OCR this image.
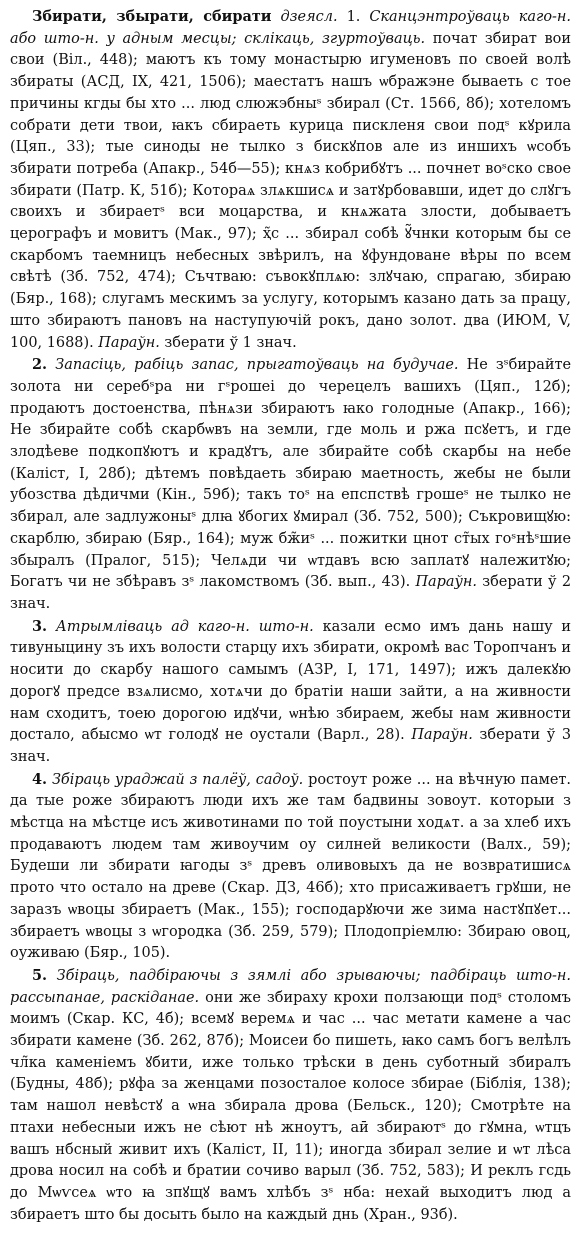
Збирати, збырати, сбирати дзеясл. 1. Сканцэнтроўваць каго-н. або што-н. у адным месцы; склікаць, згуртоўваць. почат збират вои свои (Віл., 448); маютъ къ тому монастырю игуменовъ по своей волѣ збираты (АСД, IX, 421, 1506); маестатъ нашъ ѡбражэне бываеть с тое причины кгды бы хто ... люд слюжэбныˢ збирал (Ст. 1566, 8б); хотеломъ собрати дети твои, ꙗкъ сбираеть курица пискленя свои подˢ кꙋрила (Цяп., 33); тые синоды не тылко з бискꙋпов але из иншихъ ѡсобъ збирати потреба (Апакр., 54б—55); кнѧз кобрибꙋтъ ... почнет воˢско свое збирати (Патр. К, 51б); Котораѧ злѧкшисѧ и затꙋрбовавши, идет до слꙋгъ своихъ и збираетˢ вси моцарства, и кнѧжата злости, добываетъ церографъ и мовитъ (Мак., 97); ҳ̃с ... збирал собѣ ꙋ̃чнки которым бы се скарбомъ таемницъ небесных звѣрилъ, на ꙋфундоване вѣры по всем свѣтѣ (Зб. 752, 474); Съчтваю: съвокꙋплѧю: злꙋчаю, спрагаю, збираю (Бяр., 168); слугамъ мескимъ за услугу, которымъ казано дать за працу, што збираютъ пановъ на наступуючій рокъ, дано золот. два (ИЮМ, V, 100, 1688). Параўн. зберати ў 1 знач.

2. Запасіць, рабіць запас, прыгатоўваць на будучае. Не зˢбирайте золота ни серебˢра ни гˢрошеі до черецелъ вашихъ (Цяп., 12б); продаютъ достоенства, пѣнѧзи збираютъ ꙗко голодные (Апакр., 166); Не збирайте собѣ скарбѡвъ на земли, где моль и ржа псꙋетъ, и где злодѣеве подкопꙋютъ и крадꙋтъ, але збирайте собѣ скарбы на небе (Каліст, I, 28б); дѣтемъ повѣдаеть збираю маетность, жебы не были убозства дѣдичми (Кін., 59б); такъ тоˢ на епспствѣ грошеˢ не тылко не збирал, але задлужоныˢ длꙗ ꙋбогих ꙋмирал (Зб. 752, 500); Съкровищꙋю: скарблю, збираю (Бяр., 164); муж бж̃иˢ ... пожитки цнот ст̃ых гоˢнѣˢшие збыралъ (Пралог, 515); Челѧди чи ѡтдавъ всю заплатꙋ належитꙋю; Богатъ чи не збѣравъ зˢ лакомствомъ (Зб. вып., 43). Параўн. зберати ў 2 знач.

3. Атрымліваць ад каго-н. што-н. казали есмо имъ дань нашу и тивуныцину зъ ихъ волости старцу ихъ збирати, окромѣ вас Торопчанъ и носити до скарбу нашого самымъ (АЗР, I, 171, 1497); ижъ далекꙋю дорогꙋ предсе взѧлисмо, хотѧчи до братіи наши зайти, а на живности нам сходитъ, тоею дорогою идꙋчи, ѡнѣю збираем, жебы нам живности достало, абысмо ѡт голодꙋ не оустали (Варл., 28). Параўн. зберати ў 3 знач.

4. Збіраць ураджай з палёў, садоў. ростоут роже ... на вѣчную памет. да тые роже збираютъ люди ихъ же там бадвины зовоут. которыи з мѣстца на мѣстце исъ животинами по той поустыни ходѧт. а за хлеб ихъ продаваютъ людем там живоучим оу силней великости (Валх., 59); Будеши ли збирати ꙗгоды зˢ древъ оливовыхъ да не возвратишисѧ прото что остало на древе (Скар. ДЗ, 46б); хто присаживаетъ грꙋши, не заразъ ѡвоцы збираетъ (Мак., 155); господарꙋючи же зима настꙋпꙋет... збираетъ ѡвоцы з ѡгородка (Зб. 259, 579); Плодопріемлю: Збираю овоц, оуживаю (Бяр., 105).

5. Збіраць, падбіраючы з зямлі або зрываючы; падбіраць што-н. рассыпанае, раскіданае. они же збираху крохи ползающи подˢ столомъ моимъ (Скар. КС, 4б); всемꙋ веремѧ и час ... час метати камене а час збирати камене (Зб. 262, 87б); Моисеи бо пишеть, ꙗко самъ богъ велѣлъ чл̃ка каменіемъ ꙋбити, иже только трѣски в день суботный збиралъ (Будны, 48б); рꙋфа за женцами позосталое колосе збирае (Біблія, 138); там нашол невѣстꙋ а ѡна збирала дрова (Бельск., 120); Смотрѣте на птахи небесныи ижъ не сѣют нѣ жноутъ, аӣ збираютˢ до гꙋмна, ѡтцъ вашъ нбсный живит ихъ (Каліст, II, 11); иногда збирал зелие и ѡт лѣса дрова носил на собѣ и братии сочиво варыл (Зб. 752, 583); И реклъ гсдь до Мѡѵсеѧ ѡто ꙗ зпꙋщꙋ вамъ хлѣбъ зˢ нба: нехай выходитъ люд а збираетъ што бы досыть было на каждый днь (Хран., 93б).
